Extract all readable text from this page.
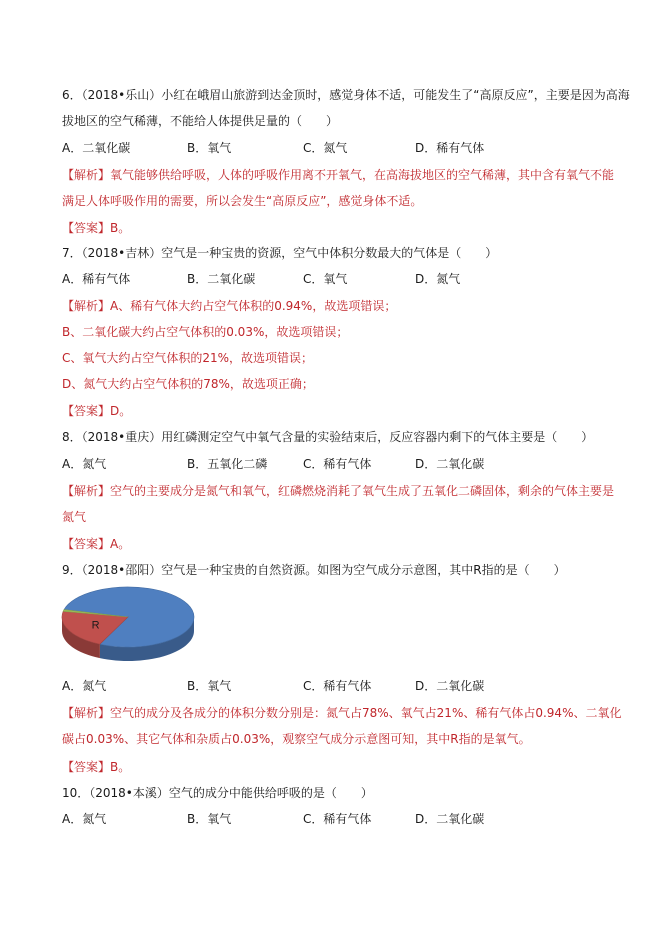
6．（2018•乐山）小红在峨眉山旅游到达金顶时，感觉身体不适，可能发生了“高原反应”，主要是因为高海
拔地区的空气稀薄，不能给人体提供足量的（　　）
A．二氧化碳	B．氧气	C．氮气	D．稀有气体
【解析】氧气能够供给呼吸，人体的呼吸作用离不开氧气，在高海拔地区的空气稀薄，其中含有氧气不能
满足人体呼吸作用的需要，所以会发生“高原反应”，感觉身体不适。
【答案】B。
7．（2018•吉林）空气是一种宝贵的资源，空气中体积分数最大的气体是（　　）
A．稀有气体	B．二氧化碳	C．氧气	D．氮气
【解析】A、稀有气体大约占空气体积的0.94%，故选项错误；
B、二氧化碳大约占空气体积的0.03%，故选项错误；
C、氧气大约占空气体积的21%，故选项错误；
D、氮气大约占空气体积的78%，故选项正确；
【答案】D。
8．（2018•重庆）用红磷测定空气中氧气含量的实验结束后，反应容器内剩下的气体主要是（　　）
A．氮气	B．五氧化二磷	C．稀有气体	D．二氧化碳
【解析】空气的主要成分是氮气和氧气，红磷燃烧消耗了氧气生成了五氧化二磷固体，剩余的气体主要是
氮气
【答案】A。
9．（2018•邵阳）空气是一种宝贵的自然资源。如图为空气成分示意图，其中R指的是（　　）
R
A．氮气	B．氧气	C．稀有气体	D．二氧化碳
【解析】空气的成分及各成分的体积分数分别是：氮气占78%、氧气占21%、稀有气体占0.94%、二氧化
碳占0.03%、其它气体和杂质占0.03%，观察空气成分示意图可知，其中R指的是氧气。
【答案】B。
10．（2018•本溪）空气的成分中能供给呼吸的是（　　）
A．氮气	B．氧气	C．稀有气体	D．二氧化碳
